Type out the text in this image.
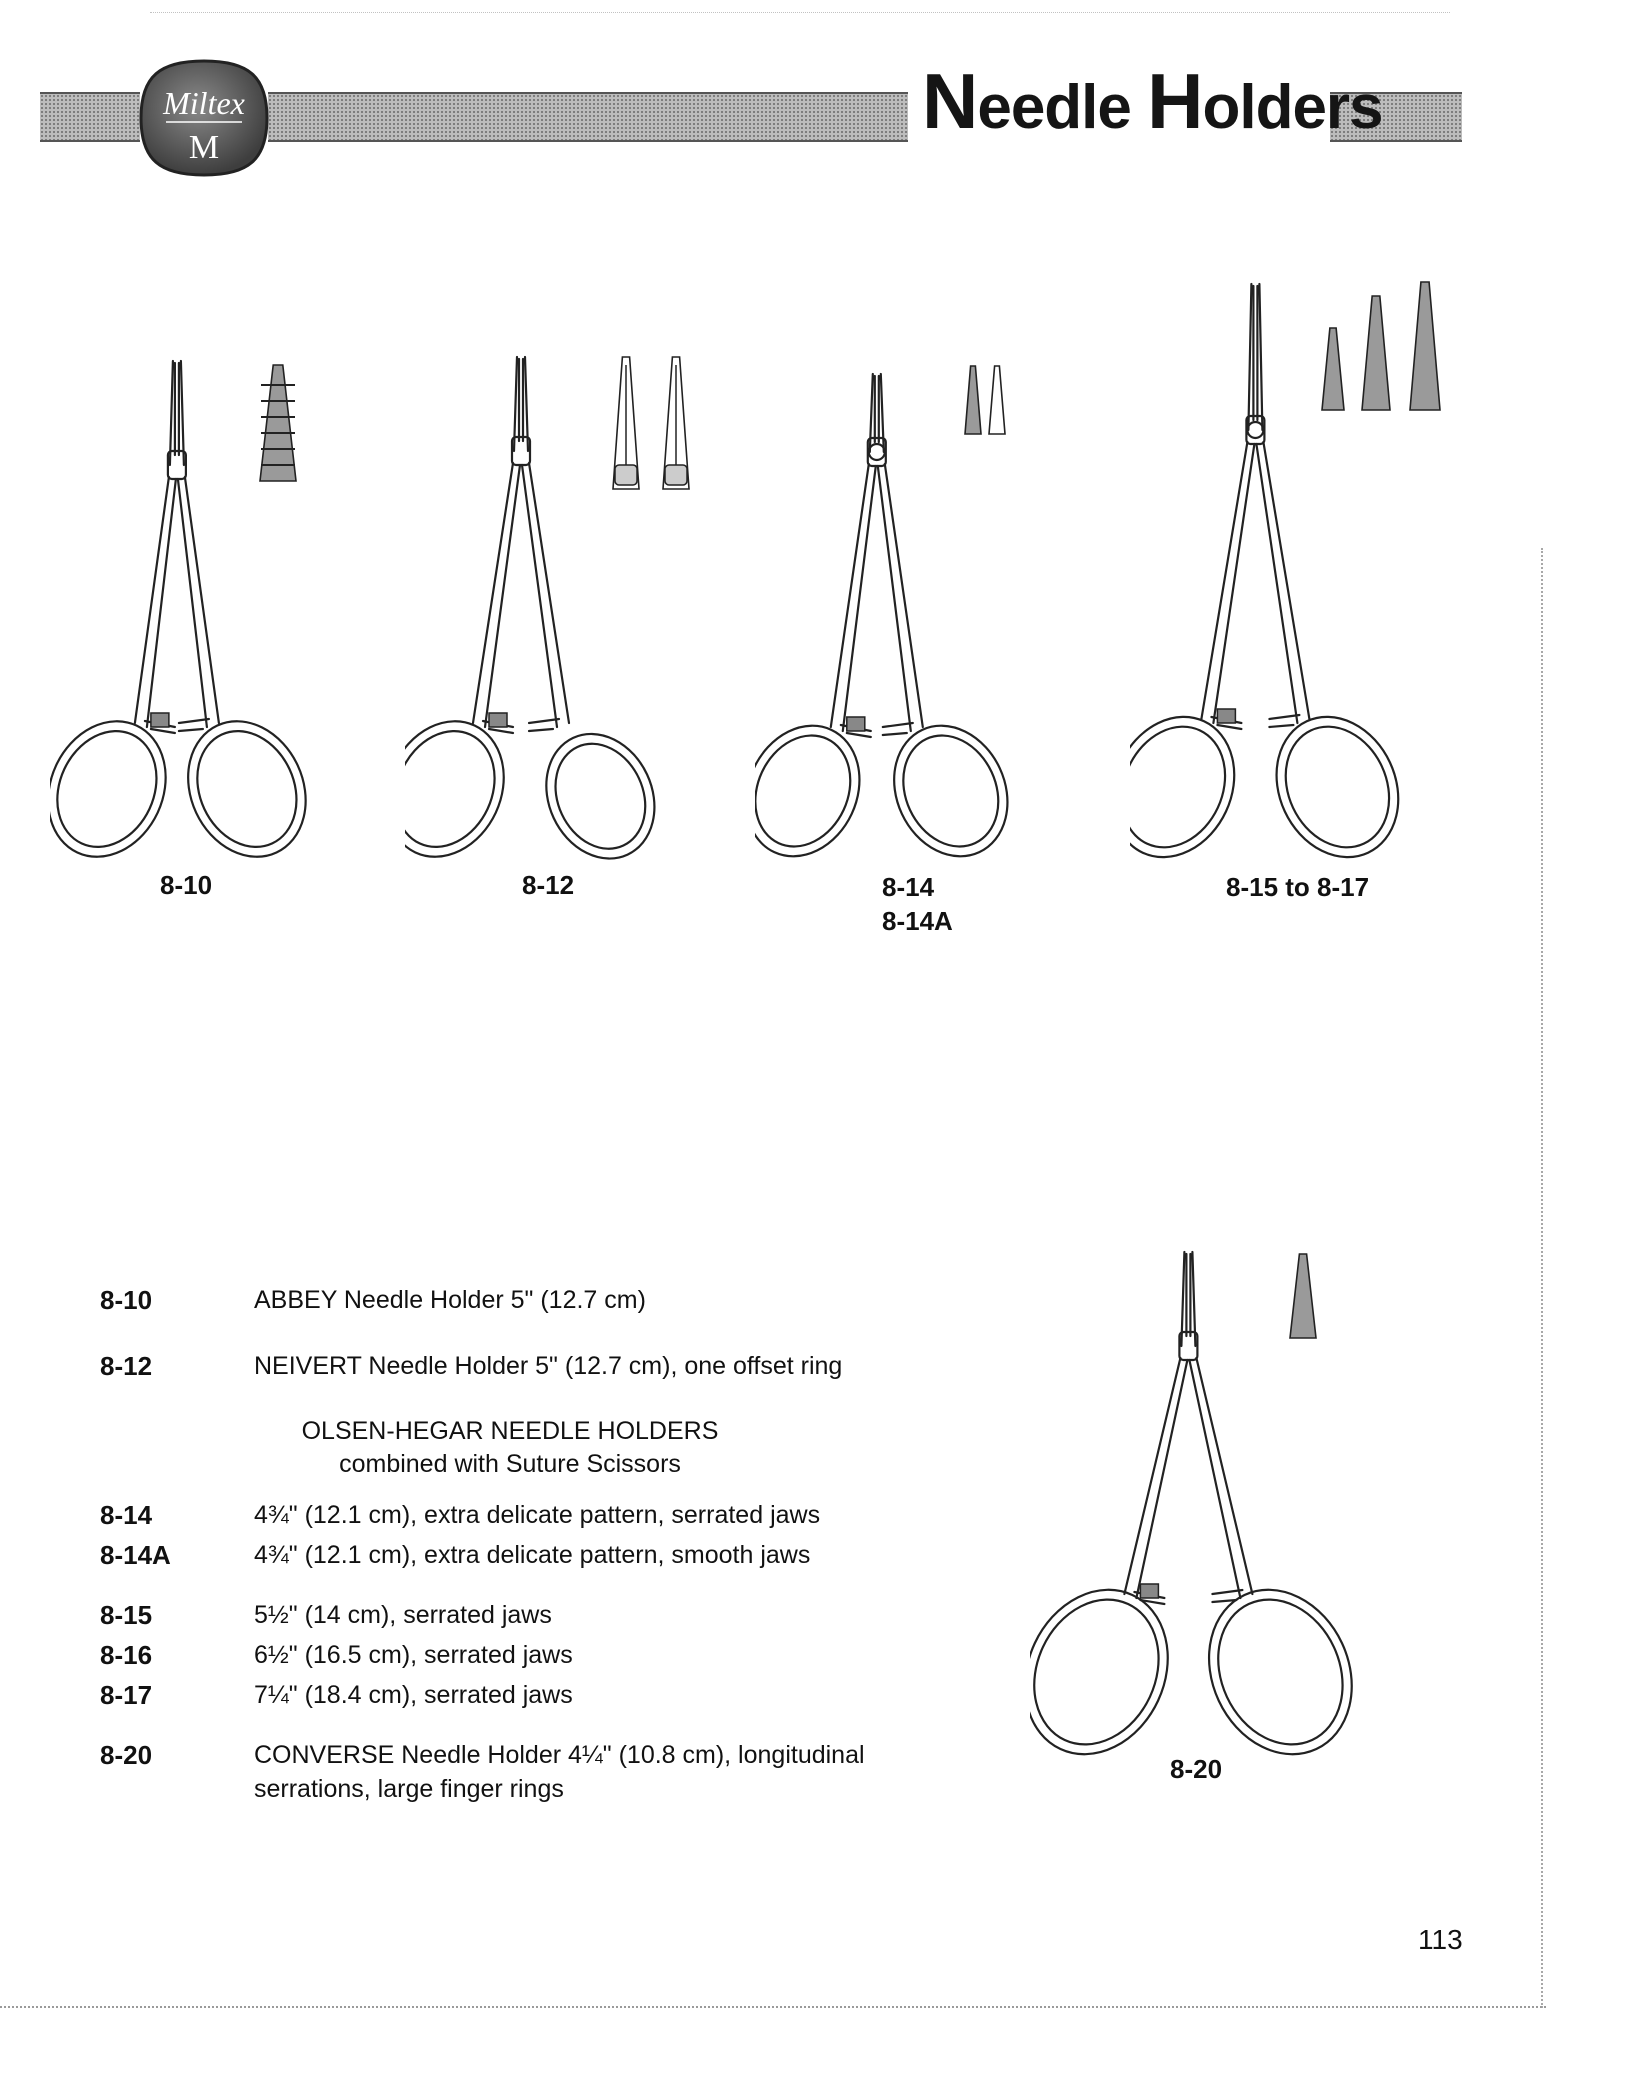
Miltex
M
Needle Holders
8-10	8-12	8-14
8-14A
8-15 to 8-17
8-20
8-10	ABBEY Needle Holder 5" (12.7 cm)
8-12	NEIVERT Needle Holder 5" (12.7 cm), one offset ring
OLSEN-HEGAR NEEDLE HOLDERS
combined with Suture Scissors
8-14	4¾" (12.1 cm), extra delicate pattern, serrated jaws
8-14A	4¾" (12.1 cm), extra delicate pattern, smooth jaws
8-15	5½" (14 cm), serrated jaws
8-16	6½" (16.5 cm), serrated jaws
8-17	7¼" (18.4 cm), serrated jaws
8-20	CONVERSE Needle Holder 4¼" (10.8 cm), longitudinal
serrations, large finger rings
113
